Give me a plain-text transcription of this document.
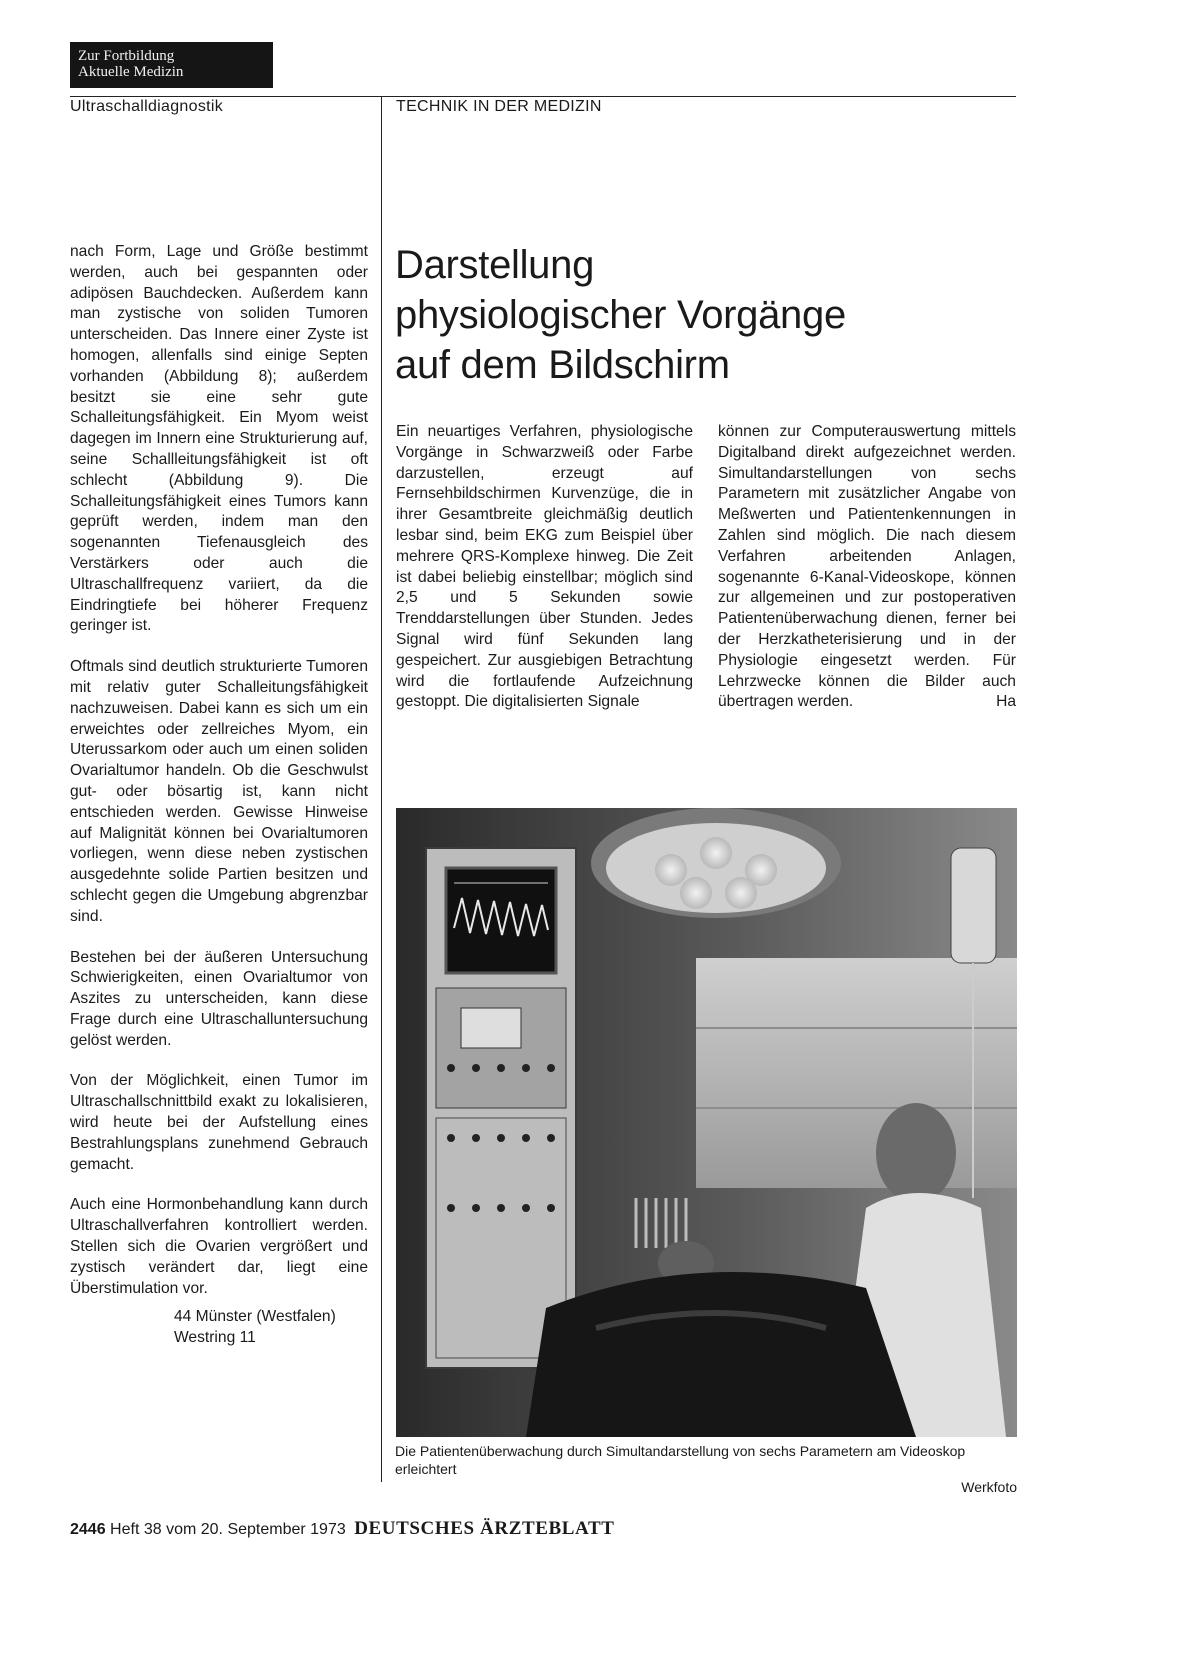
Zur Fortbildung
Aktuelle Medizin
Ultraschalldiagnostik	TECHNIK IN DER MEDIZIN

nach Form, Lage und Größe bestimmt werden, auch bei gespannten oder adipösen Bauchdecken. Außerdem kann man zystische von soliden Tumoren unterscheiden. Das Innere einer Zyste ist homogen, allenfalls sind einige Septen vorhanden (Abbildung 8); außerdem besitzt sie eine sehr gute Schalleitungsfähigkeit. Ein Myom weist dagegen im Innern eine Strukturierung auf, seine Schallleitungsfähigkeit ist oft schlecht (Abbildung 9). Die Schalleitungsfähigkeit eines Tumors kann geprüft werden, indem man den sogenannten Tiefenausgleich des Verstärkers oder auch die Ultraschallfrequenz variiert, da die Eindringtiefe bei höherer Frequenz geringer ist.

Oftmals sind deutlich strukturierte Tumoren mit relativ guter Schalleitungsfähigkeit nachzuweisen. Dabei kann es sich um ein erweichtes oder zellreiches Myom, ein Uterussarkom oder auch um einen soliden Ovarialtumor handeln. Ob die Geschwulst gut- oder bösartig ist, kann nicht entschieden werden. Gewisse Hinweise auf Malignität können bei Ovarialtumoren vorliegen, wenn diese neben zystischen ausgedehnte solide Partien besitzen und schlecht gegen die Umgebung abgrenzbar sind.

Bestehen bei der äußeren Untersuchung Schwierigkeiten, einen Ovarialtumor von Aszites zu unterscheiden, kann diese Frage durch eine Ultraschalluntersuchung gelöst werden.

Von der Möglichkeit, einen Tumor im Ultraschallschnittbild exakt zu lokalisieren, wird heute bei der Aufstellung eines Bestrahlungsplans zunehmend Gebrauch gemacht.

Auch eine Hormonbehandlung kann durch Ultraschallverfahren kontrolliert werden. Stellen sich die Ovarien vergrößert und zystisch verändert dar, liegt eine Überstimulation vor.

44 Münster (Westfalen)
Westring 11
Darstellung
physiologischer Vorgänge
auf dem Bildschirm

Ein neuartiges Verfahren, physiologische Vorgänge in Schwarzweiß oder Farbe darzustellen, erzeugt auf Fernsehbildschirmen Kurvenzüge, die in ihrer Gesamtbreite gleichmäßig deutlich lesbar sind, beim EKG zum Beispiel über mehrere QRS-Komplexe hinweg. Die Zeit ist dabei beliebig einstellbar; möglich sind 2,5 und 5 Sekunden sowie Trenddarstellungen über Stunden. Jedes Signal wird fünf Sekunden lang gespeichert. Zur ausgiebigen Betrachtung wird die fortlaufende Aufzeichnung gestoppt. Die digitalisierten Signale

können zur Computerauswertung mittels Digitalband direkt aufgezeichnet werden. Simultandarstellungen von sechs Parametern mit zusätzlicher Angabe von Meßwerten und Patientenkennungen in Zahlen sind möglich. Die nach diesem Verfahren arbeitenden Anlagen, sogenannte 6-Kanal-Videoskope, können zur allgemeinen und zur postoperativen Patientenüberwachung dienen, ferner bei der Herzkatheterisierung und in der Physiologie eingesetzt werden. Für Lehrzwecke können die Bilder auch übertragen werden.	Ha

Die Patientenüberwachung durch Simultandarstellung von sechs Parametern am Videoskop erleichtert
Werkfoto
2446 Heft 38 vom 20. September 1973 DEUTSCHES ÄRZTEBLATT
